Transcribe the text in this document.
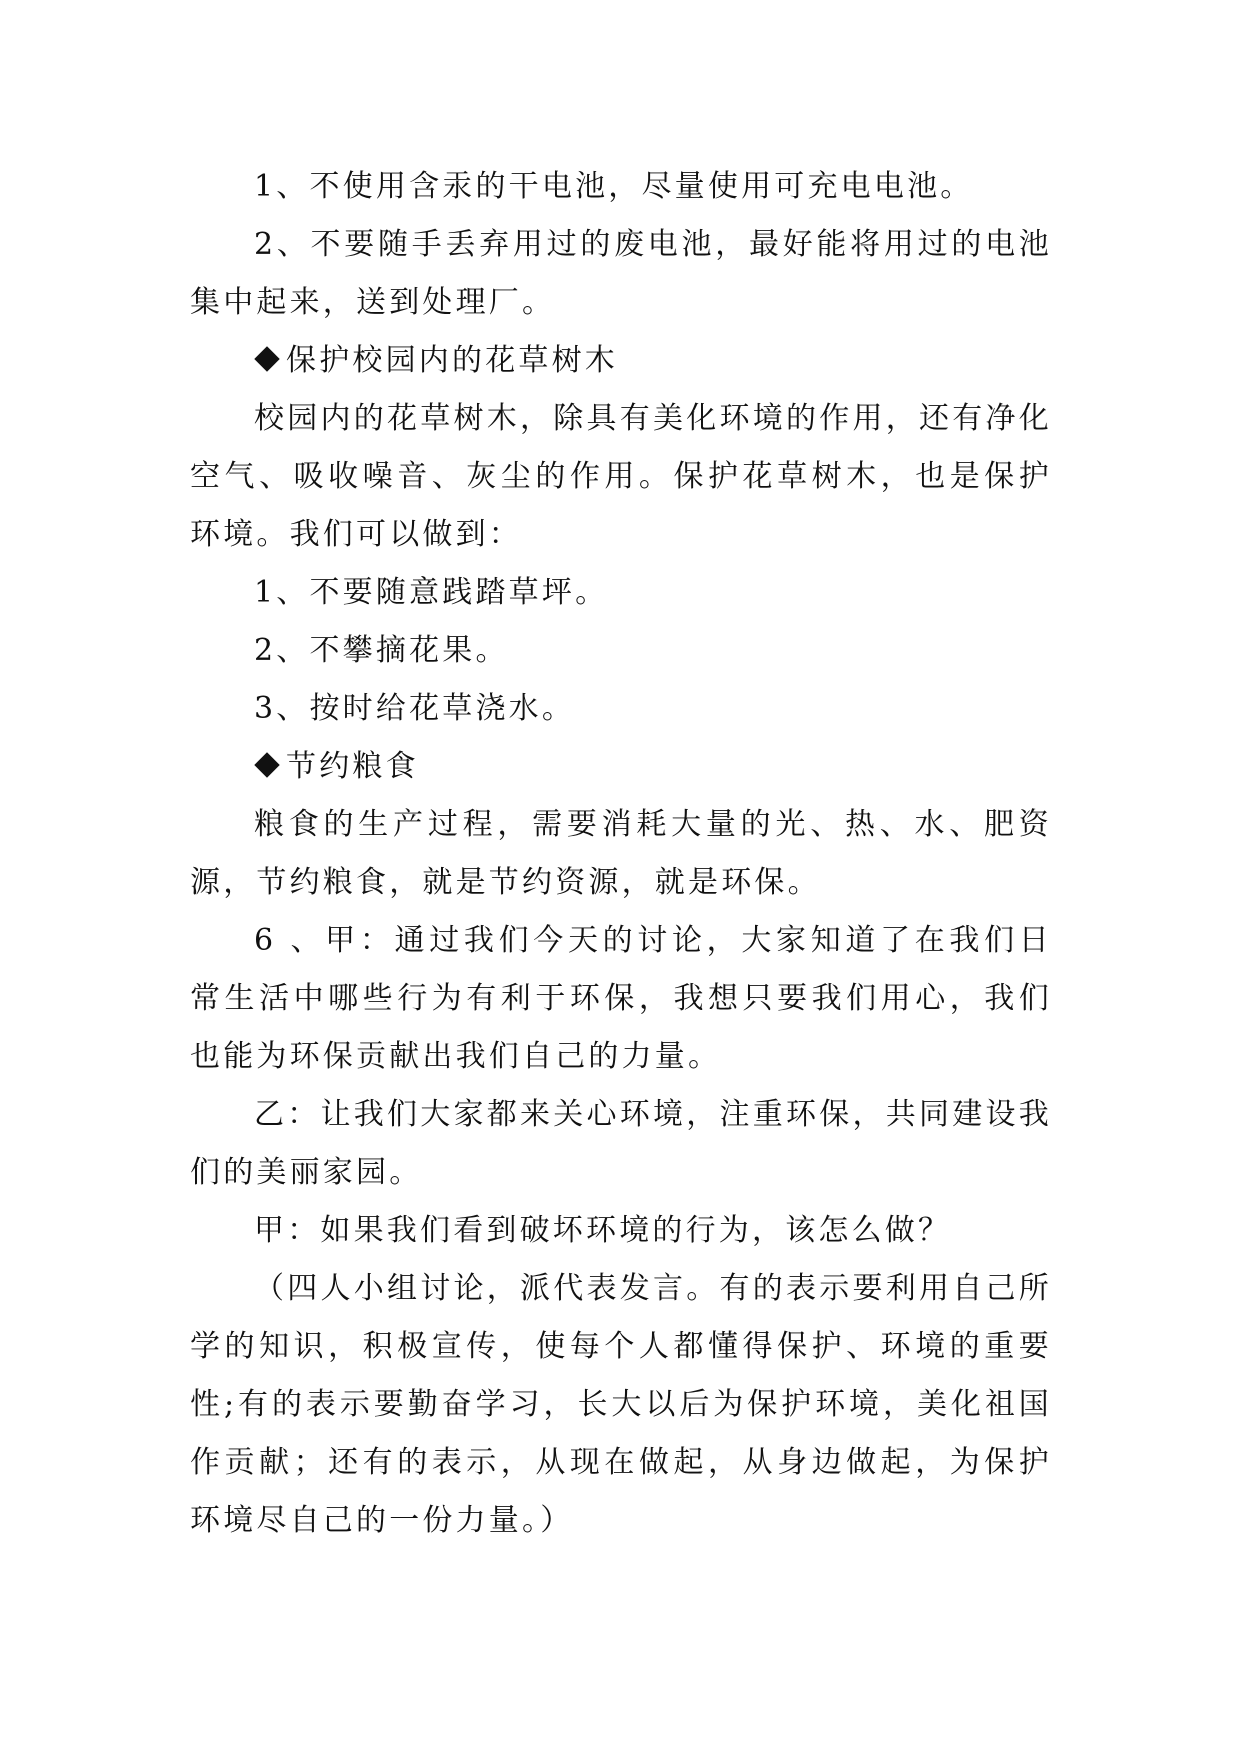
1、不使用含汞的干电池，尽量使用可充电电池。

2、不要随手丢弃用过的废电池，最好能将用过的电池集中起来，送到处理厂。

保护校园内的花草树木

校园内的花草树木，除具有美化环境的作用，还有净化空气、吸收噪音、灰尘的作用。保护花草树木，也是保护环境。我们可以做到：

1、不要随意践踏草坪。

2、不攀摘花果。

3、按时给花草浇水。

节约粮食

粮食的生产过程，需要消耗大量的光、热、水、肥资源，节约粮食，就是节约资源，就是环保。

6 、甲：通过我们今天的讨论，大家知道了在我们日常生活中哪些行为有利于环保，我想只要我们用心，我们也能为环保贡献出我们自己的力量。

乙：让我们大家都来关心环境，注重环保，共同建设我们的美丽家园。

甲：如果我们看到破坏环境的行为，该怎么做？

（四人小组讨论，派代表发言。有的表示要利用自己所学的知识，积极宣传，使每个人都懂得保护、环境的重要性;有的表示要勤奋学习，长大以后为保护环境，美化祖国作贡献；还有的表示，从现在做起，从身边做起，为保护环境尽自己的一份力量。）
